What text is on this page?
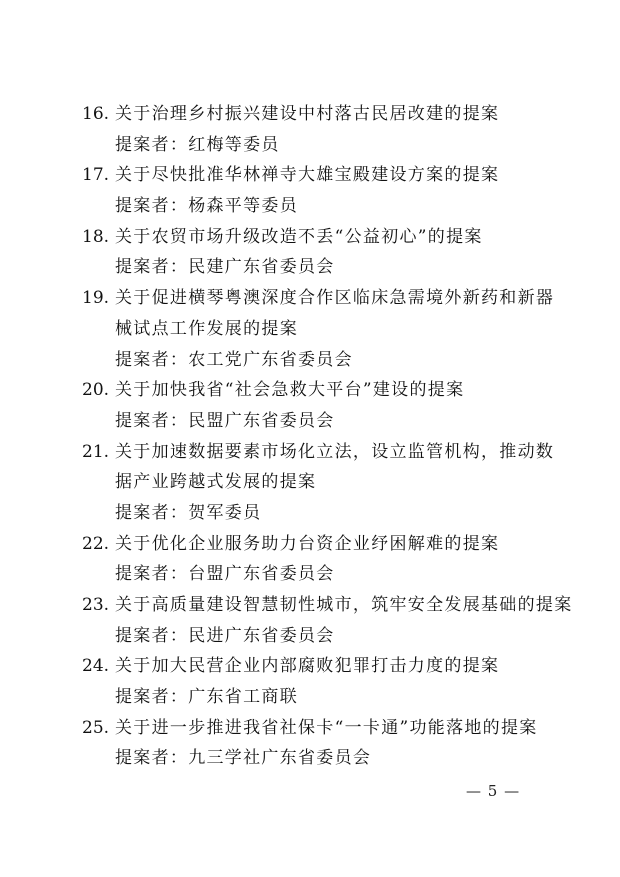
16. 关于治理乡村振兴建设中村落古民居改建的提案
提案者：红梅等委员
17. 关于尽快批准华林禅寺大雄宝殿建设方案的提案
提案者：杨森平等委员
18. 关于农贸市场升级改造不丢“公益初心”的提案
提案者：民建广东省委员会
19. 关于促进横琴粤澳深度合作区临床急需境外新药和新器
械试点工作发展的提案
提案者：农工党广东省委员会
20. 关于加快我省“社会急救大平台”建设的提案
提案者：民盟广东省委员会
21. 关于加速数据要素市场化立法，设立监管机构，推动数
据产业跨越式发展的提案
提案者：贺军委员
22. 关于优化企业服务助力台资企业纾困解难的提案
提案者：台盟广东省委员会
23. 关于高质量建设智慧韧性城市，筑牢安全发展基础的提案
提案者：民进广东省委员会
24. 关于加大民营企业内部腐败犯罪打击力度的提案
提案者：广东省工商联
25. 关于进一步推进我省社保卡“一卡通”功能落地的提案
提案者：九三学社广东省委员会
— 5 —
